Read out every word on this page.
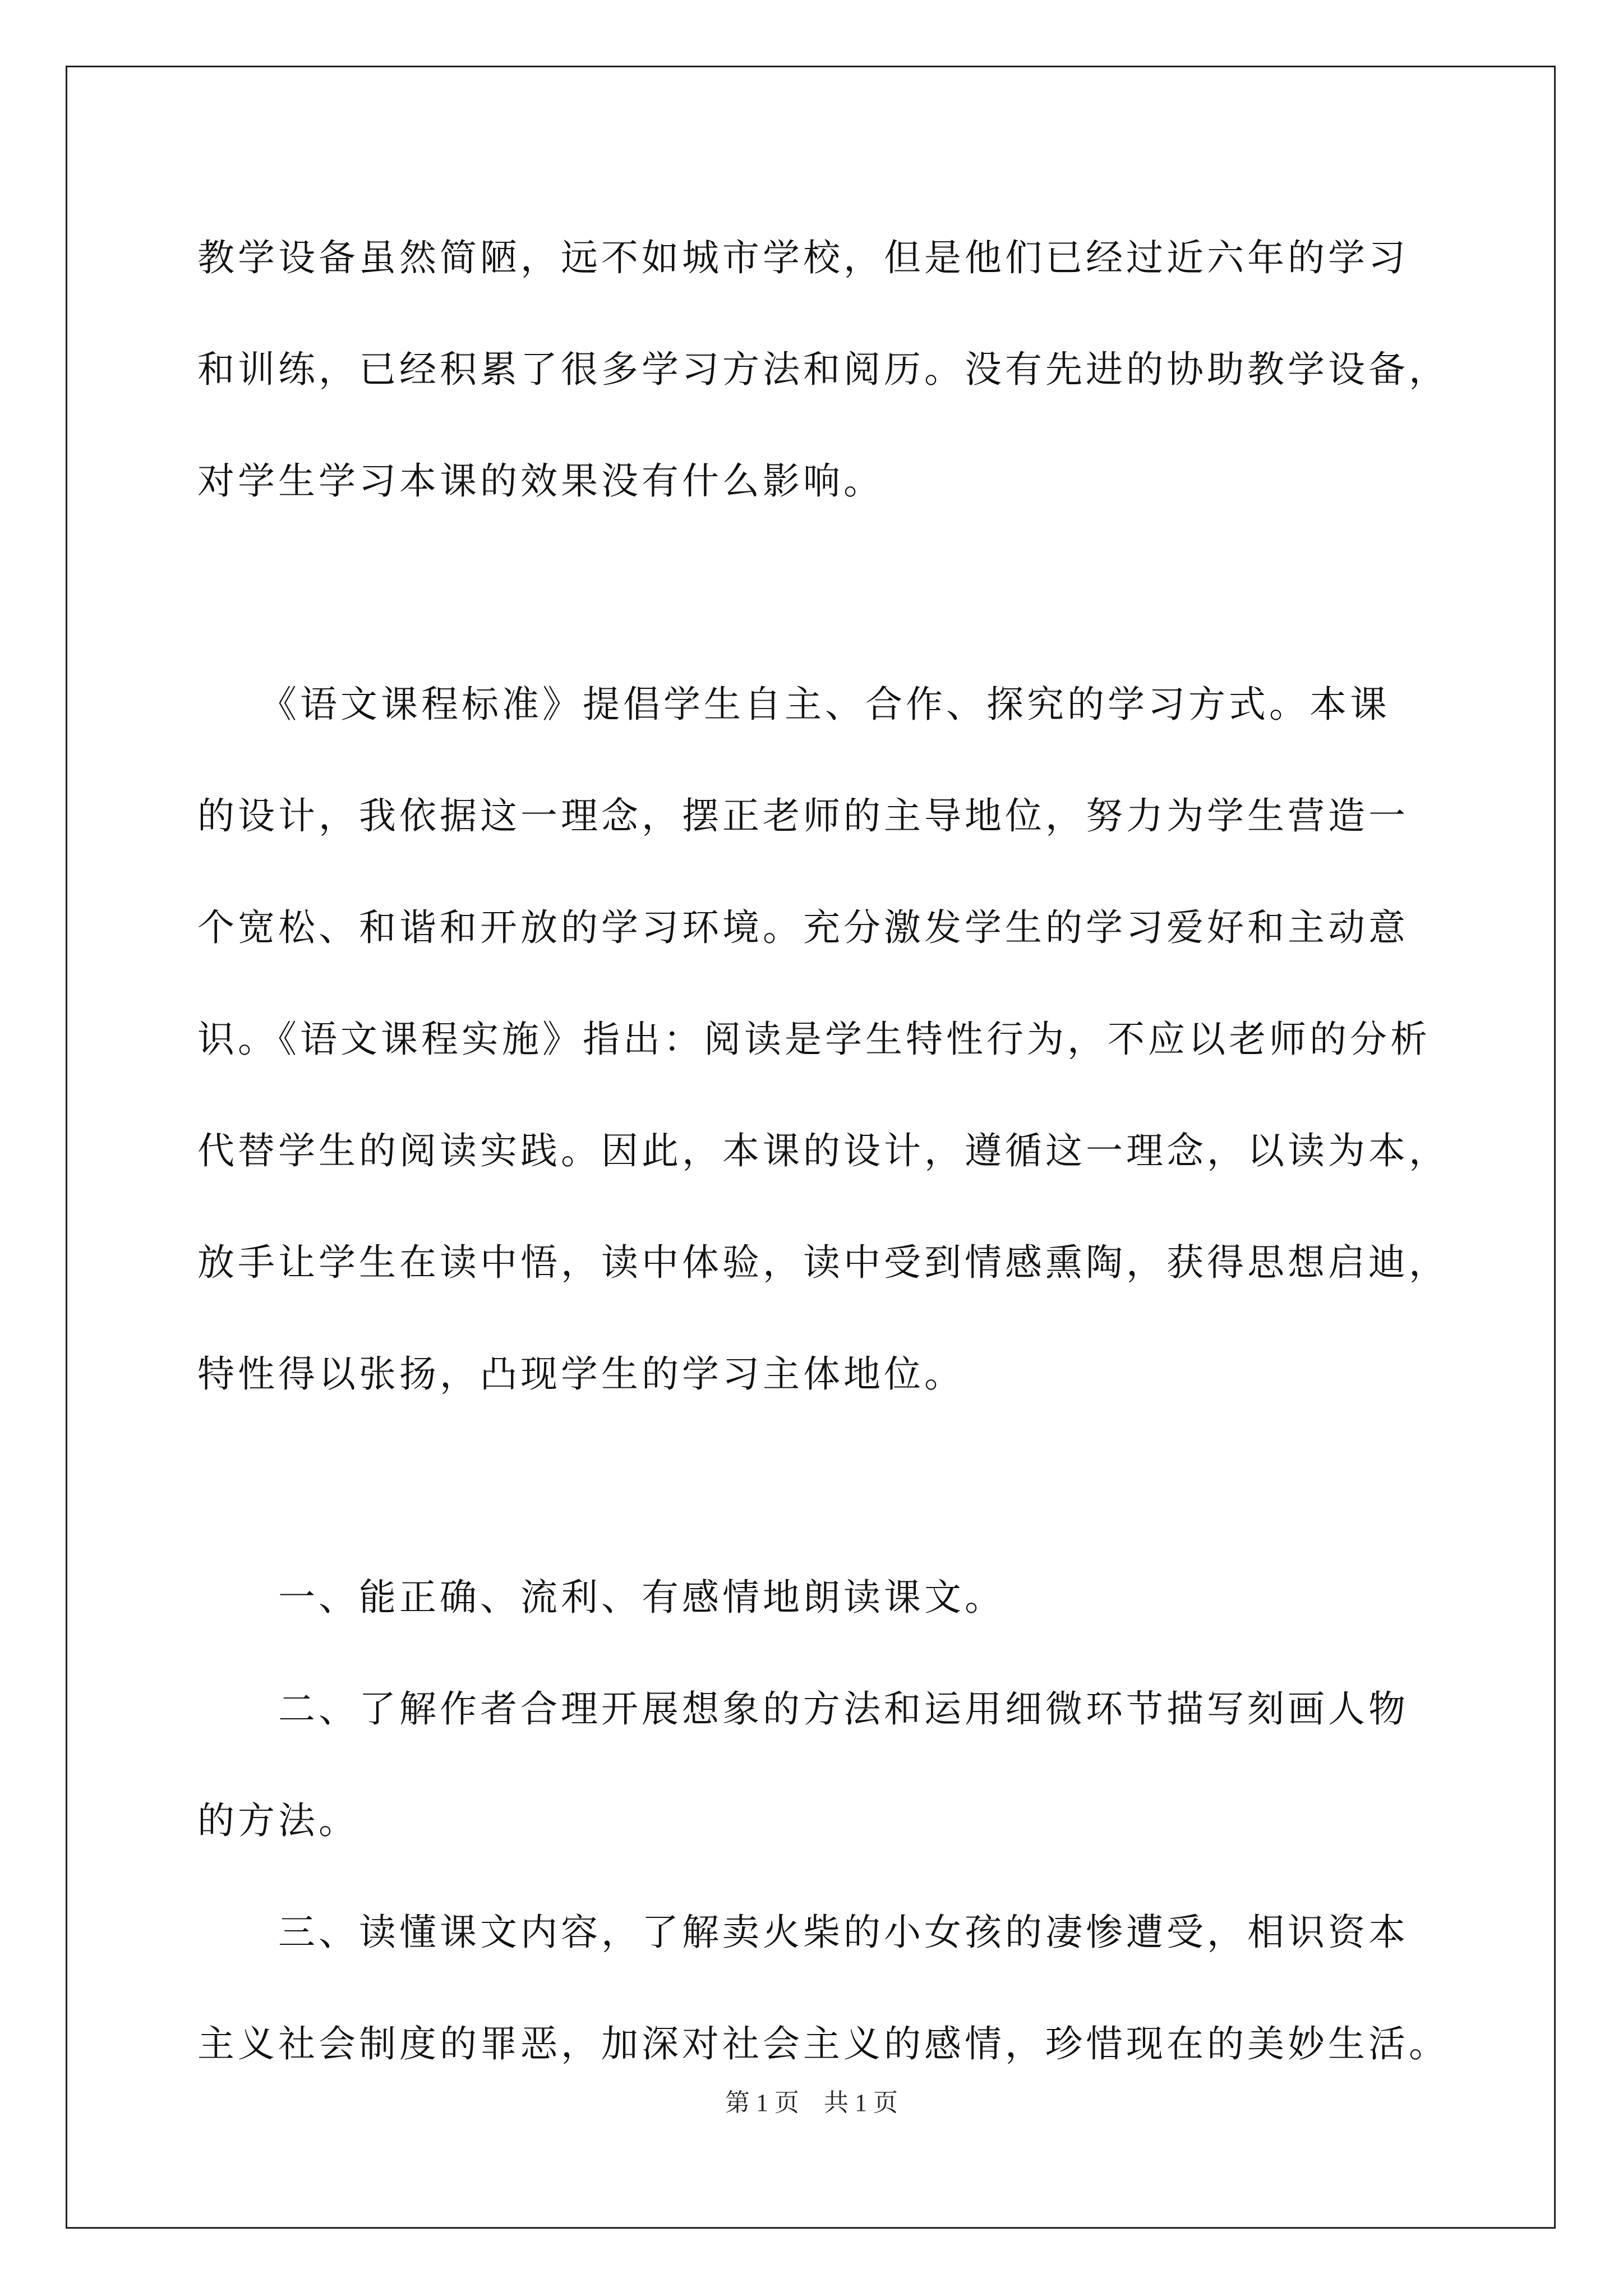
教学设备虽然简陋，远不如城市学校，但是他们已经过近六年的学习
和训练，已经积累了很多学习方法和阅历。没有先进的协助教学设备，
对学生学习本课的效果没有什么影响。
　　《语文课程标准》提倡学生自主、合作、探究的学习方式。本课
的设计，我依据这一理念，摆正老师的主导地位，努力为学生营造一
个宽松、和谐和开放的学习环境。充分激发学生的学习爱好和主动意
识。《语文课程实施》指出：阅读是学生特性行为，不应以老师的分析
代替学生的阅读实践。因此，本课的设计，遵循这一理念，以读为本，
放手让学生在读中悟，读中体验，读中受到情感熏陶，获得思想启迪，
特性得以张扬，凸现学生的学习主体地位。
　　一、能正确、流利、有感情地朗读课文。
　　二、了解作者合理开展想象的方法和运用细微环节描写刻画人物
的方法。
　　三、读懂课文内容，了解卖火柴的小女孩的凄惨遭受，相识资本
主义社会制度的罪恶，加深对社会主义的感情，珍惜现在的美妙生活。
第 1 页　共 1 页
